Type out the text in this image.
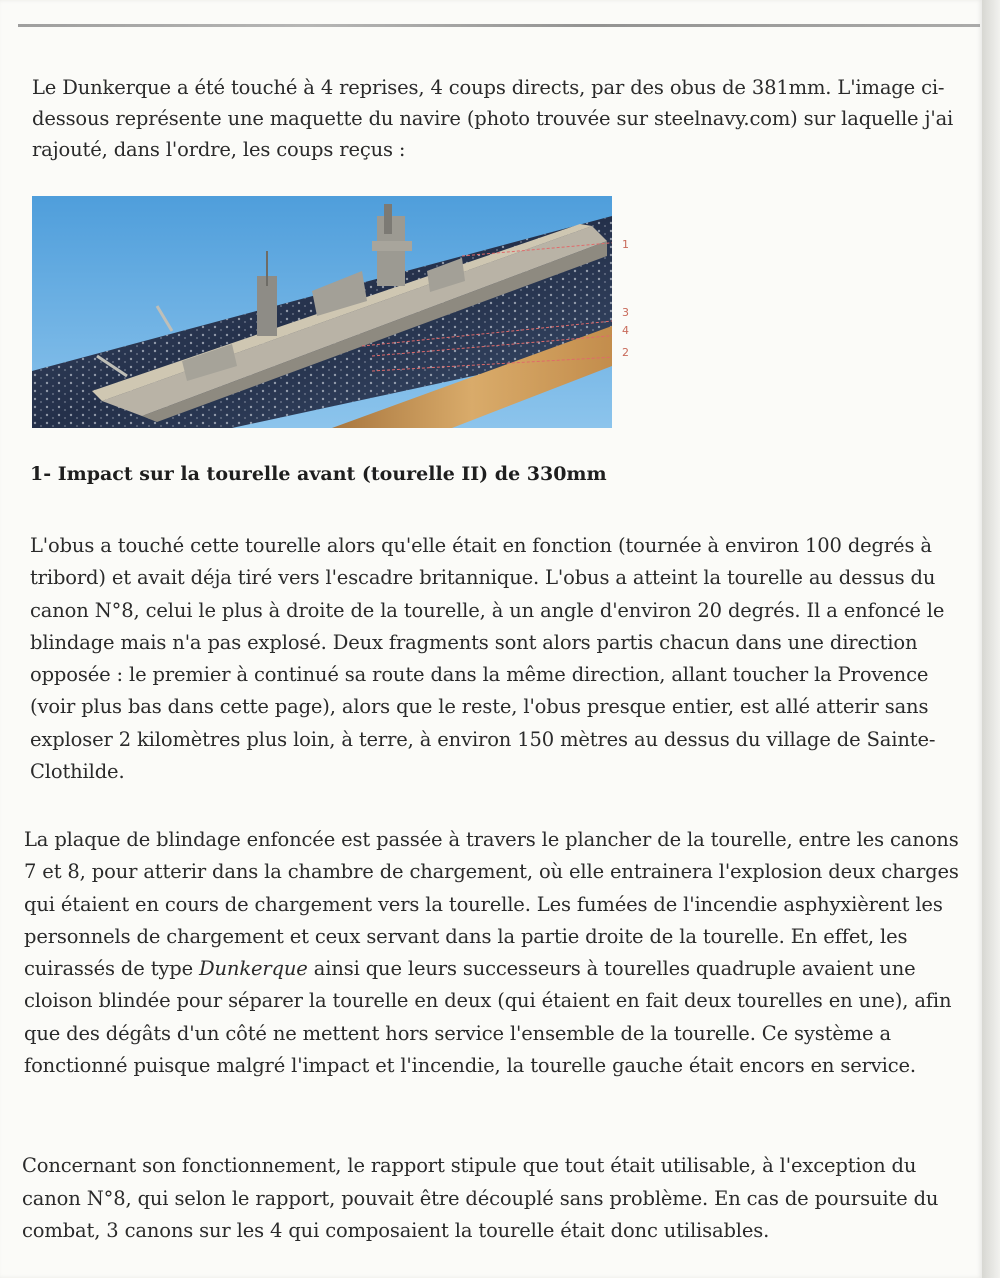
Le Dunkerque a été touché à 4 reprises, 4 coups directs, par des obus de 381mm. L'image ci-dessous représente une maquette du navire (photo trouvée sur steelnavy.com) sur laquelle j'ai rajouté, dans l'ordre, les coups reçus :

1
3
4
2
1- Impact sur la tourelle avant (tourelle II) de 330mm

L'obus a touché cette tourelle alors qu'elle était en fonction (tournée à environ 100 degrés à tribord) et avait déja tiré vers l'escadre britannique. L'obus a atteint la tourelle au dessus du canon N°8, celui le plus à droite de la tourelle, à un angle d'environ 20 degrés. Il a enfoncé le blindage mais n'a pas explosé. Deux fragments sont alors partis chacun dans une direction opposée : le premier à continué sa route dans la même direction, allant toucher la Provence (voir plus bas dans cette page), alors que le reste, l'obus presque entier, est allé atterir sans exploser 2 kilomètres plus loin, à terre, à environ 150 mètres au dessus du village de Sainte-Clothilde.

La plaque de blindage enfoncée est passée à travers le plancher de la tourelle, entre les canons 7 et 8, pour atterir dans la chambre de chargement, où elle entrainera l'explosion deux charges qui étaient en cours de chargement vers la tourelle. Les fumées de l'incendie asphyxièrent les personnels de chargement et ceux servant dans la partie droite de la tourelle. En effet, les cuirassés de type Dunkerque ainsi que leurs successeurs à tourelles quadruple avaient une cloison blindée pour séparer la tourelle en deux (qui étaient en fait deux tourelles en une), afin que des dégâts d'un côté ne mettent hors service l'ensemble de la tourelle. Ce système a fonctionné puisque malgré l'impact et l'incendie, la tourelle gauche était encors en service.

Concernant son fonctionnement, le rapport stipule que tout était utilisable, à l'exception du canon N°8, qui selon le rapport, pouvait être découplé sans problème. En cas de poursuite du combat, 3 canons sur les 4 qui composaient la tourelle était donc utilisables.
